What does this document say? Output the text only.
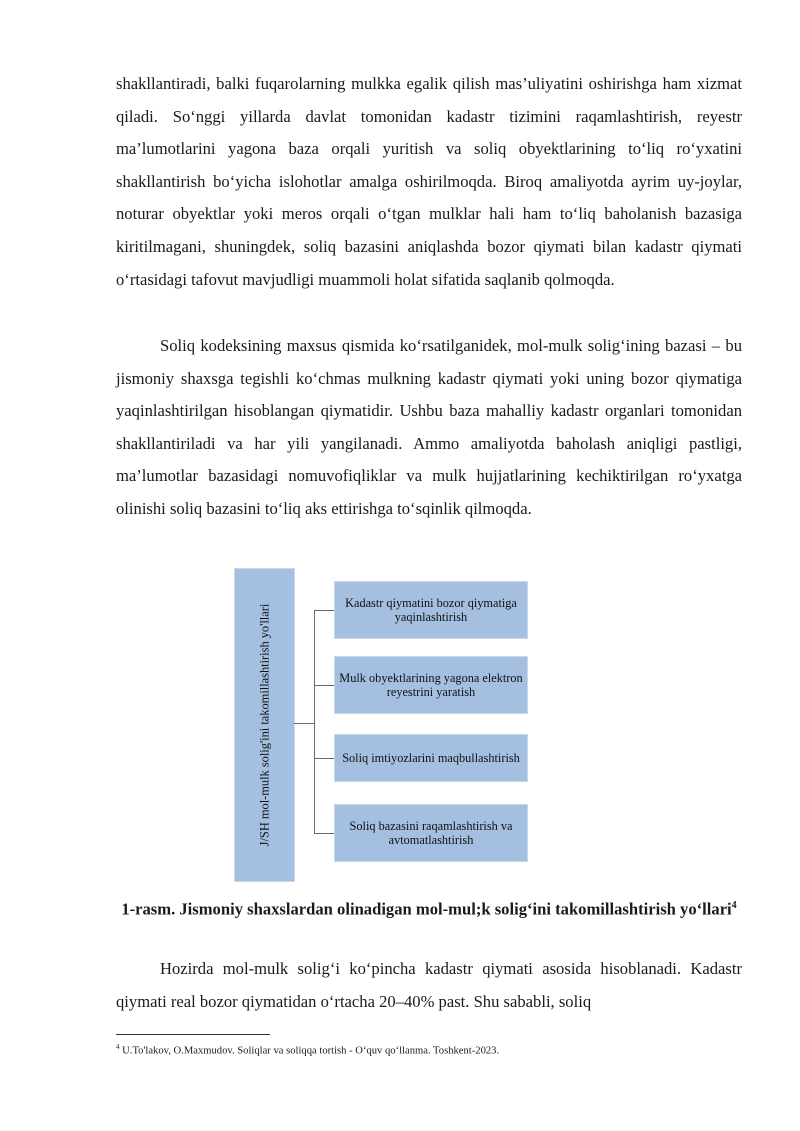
shakllantiradi, balki fuqarolarning mulkka egalik qilish mas’uliyatini oshirishga ham xizmat qiladi. So‘nggi yillarda davlat tomonidan kadastr tizimini raqamlashtirish, reyestr ma’lumotlarini yagona baza orqali yuritish va soliq obyektlarining to‘liq ro‘yxatini shakllantirish bo‘yicha islohotlar amalga oshirilmoqda. Biroq amaliyotda ayrim uy-joylar, noturar obyektlar yoki meros orqali o‘tgan mulklar hali ham to‘liq baholanish bazasiga kiritilmagani, shuningdek, soliq bazasini aniqlashda bozor qiymati bilan kadastr qiymati o‘rtasidagi tafovut mavjudligi muammoli holat sifatida saqlanib qolmoqda.

Soliq kodeksining maxsus qismida ko‘rsatilganidek, mol-mulk solig‘ining bazasi – bu jismoniy shaxsga tegishli ko‘chmas mulkning kadastr qiymati yoki uning bozor qiymatiga yaqinlashtirilgan hisoblangan qiymatidir. Ushbu baza mahalliy kadastr organlari tomonidan shakllantiriladi va har yili yangilanadi. Ammo amaliyotda baholash aniqligi pastligi, ma’lumotlar bazasidagi nomuvofiqliklar va mulk hujjatlarining kechiktirilgan ro‘yxatga olinishi soliq bazasini to‘liq aks ettirishga to‘sqinlik qilmoqda.

J/SH mol-mulk solig'ini takomillashtirish yo'llari
Kadastr qiymatini bozor qiymatiga yaqinlashtirish
Mulk obyektlarining yagona elektron reyestrini yaratish
Soliq imtiyozlarini maqbullashtirish
Soliq bazasini raqamlashtirish va avtomatlashtirish
1-rasm. Jismoniy shaxslardan olinadigan mol-mul;k solig‘ini takomillashtirish yo‘llari$^4$

Hozirda mol-mulk solig‘i ko‘pincha kadastr qiymati asosida hisoblanadi. Kadastr qiymati real bozor qiymatidan o‘rtacha 20–40% past. Shu sababli, soliq

$^4$ U.To'lakov, O.Maxmudov. Soliqlar va soliqqa tortish - O‘quv qo‘llanma. Toshkent-2023.
